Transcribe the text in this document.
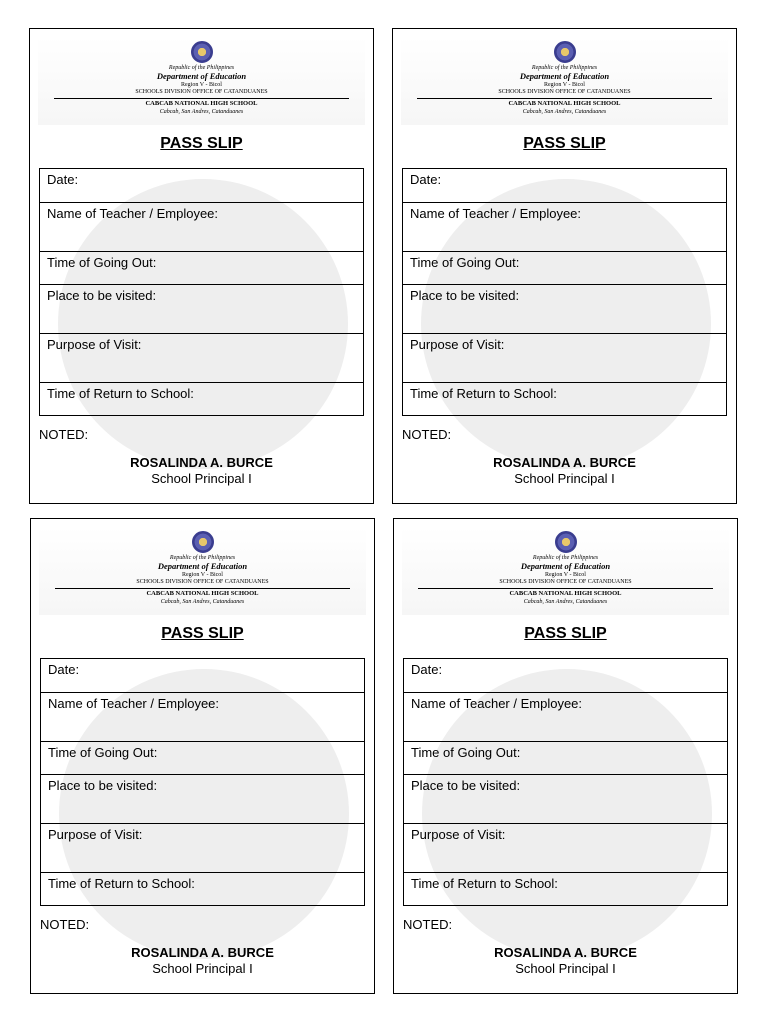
Republic of the Philippines
Department of Education
Region V - Bicol
SCHOOLS DIVISION OFFICE OF CATANDUANES
CABCAB NATIONAL HIGH SCHOOL
Cabcab, San Andres, Catanduanes
PASS SLIP
Date:
Name of Teacher / Employee:
Time of Going Out:
Place to be visited:
Purpose of Visit:
Time of Return to School:
NOTED:
ROSALINDA A. BURCE
School Principal I
Republic of the Philippines
Department of Education
Region V - Bicol
SCHOOLS DIVISION OFFICE OF CATANDUANES
CABCAB NATIONAL HIGH SCHOOL
Cabcab, San Andres, Catanduanes
PASS SLIP
Date:
Name of Teacher / Employee:
Time of Going Out:
Place to be visited:
Purpose of Visit:
Time of Return to School:
NOTED:
ROSALINDA A. BURCE
School Principal I
Republic of the Philippines
Department of Education
Region V - Bicol
SCHOOLS DIVISION OFFICE OF CATANDUANES
CABCAB NATIONAL HIGH SCHOOL
Cabcab, San Andres, Catanduanes
PASS SLIP
Date:
Name of Teacher / Employee:
Time of Going Out:
Place to be visited:
Purpose of Visit:
Time of Return to School:
NOTED:
ROSALINDA A. BURCE
School Principal I
Republic of the Philippines
Department of Education
Region V - Bicol
SCHOOLS DIVISION OFFICE OF CATANDUANES
CABCAB NATIONAL HIGH SCHOOL
Cabcab, San Andres, Catanduanes
PASS SLIP
Date:
Name of Teacher / Employee:
Time of Going Out:
Place to be visited:
Purpose of Visit:
Time of Return to School:
NOTED:
ROSALINDA A. BURCE
School Principal I
